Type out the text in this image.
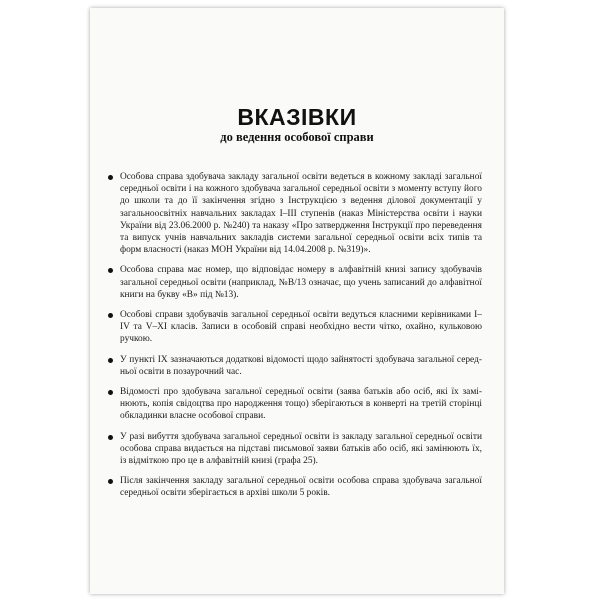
ВКАЗІВКИ
до ведення особової справи
Особова справа здобувача закладу загальної освіти ведеться в кожному закладі загальної середньої освіти і на кожного здобувача загальної середньої освіти з моменту вступу його до школи та до її закінчення згідно з Інструкцією з ведення ділової документації у загальноосвітніх навчальних закладах І–ІІІ ступенів (наказ Міністерства освіти і науки України від 23.06.2000 р. №240) та наказу «Про затвердження Інструкції про переведення та випуск учнів навчальних закладів системи загальної середньої освіти всіх типів та форм власності (наказ МОН України від 14.04.2008 р. №319)».
Особова справа має номер, що відповідає номеру в алфавітній книзі запису здобувачів загальної середньої освіти (наприклад, №В/13 означає, що учень записаний до алфавітної книги на букву «В» під №13).
Особові справи здобувачів загальної середньої освіти ведуться класними керівниками І–IV та V–XI класів. Записи в особовій справі необхідно вести чітко, охайно, кульковою ручкою.
У пункті IX зазначаються додаткові відомості щодо зайнятості здобувача загальної серед-ньої освіти в позаурочний час.
Відомості про здобувача загальної середньої освіти (заява батьків або осіб, які їх замі-нюють, копія свідоцтва про народження тощо) зберігаються в конверті на третій сторінці обкладинки власне особової справи.
У разі вибуття здобувача загальної середньої освіти із закладу загальної середньої освіти особова справа видається на підставі письмової заяви батьків або осіб, які замінюють їх, із відміткою про це в алфавітній книзі (графа 25).
Після закінчення закладу загальної середньої освіти особова справа здобувача загальної середньої освіти зберігається в архіві школи 5 років.
